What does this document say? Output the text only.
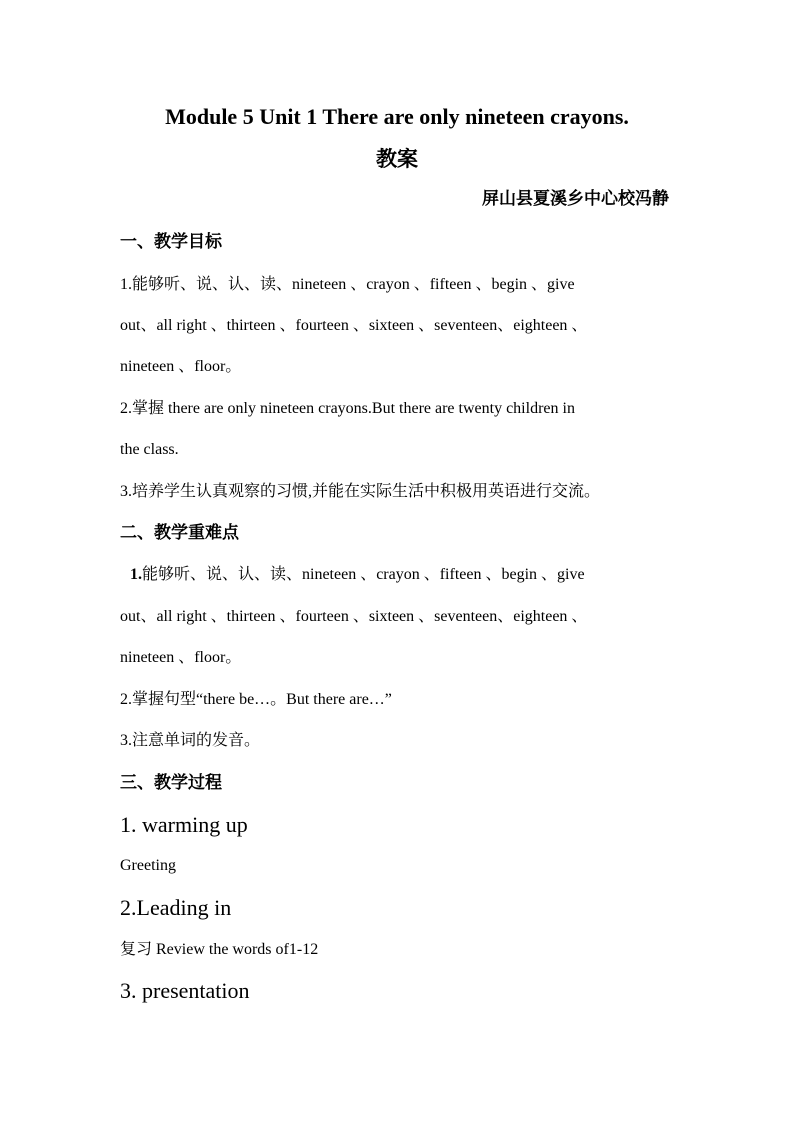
Module 5 Unit 1 There are only nineteen crayons.
教案
屏山县夏溪乡中心校冯静
一、教学目标
1.能够听、说、认、读、nineteen 、crayon 、fifteen 、begin 、give
out、all right 、thirteen 、fourteen 、sixteen 、seventeen、eighteen 、
nineteen 、floor。
2.掌握 there are only nineteen crayons.But there are twenty children in
the class.
3.培养学生认真观察的习惯,并能在实际生活中积极用英语进行交流。
二、教学重难点
1.能够听、说、认、读、nineteen 、crayon 、fifteen 、begin 、give
out、all right 、thirteen 、fourteen 、sixteen 、seventeen、eighteen 、
nineteen 、floor。
2.掌握句型“there be…。But there are…”
3.注意单词的发音。
三、教学过程
1. warming up
Greeting
2.Leading in
复习 Review the words of1-12
3. presentation
